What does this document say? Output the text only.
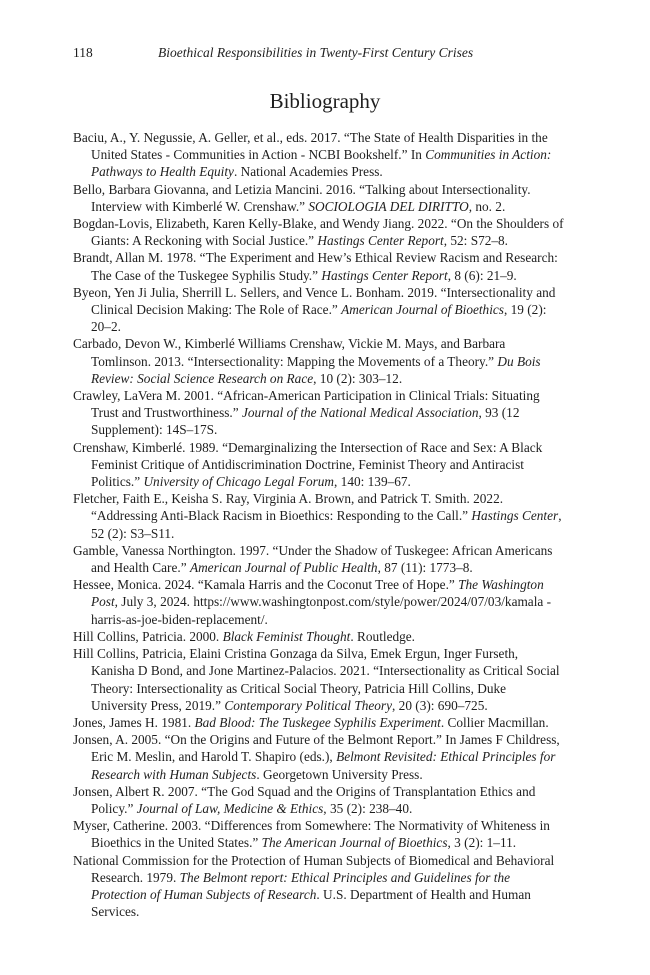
118	Bioethical Responsibilities in Twenty-First Century Crises
Bibliography
Baciu, A., Y. Negussie, A. Geller, et al., eds. 2017. “The State of Health Disparities in the United States - Communities in Action - NCBI Bookshelf.” In Communities in Action: Pathways to Health Equity. National Academies Press.
Bello, Barbara Giovanna, and Letizia Mancini. 2016. “Talking about Intersectionality. Interview with Kimberlé W. Crenshaw.” SOCIOLOGIA DEL DIRITTO, no. 2.
Bogdan-Lovis, Elizabeth, Karen Kelly-Blake, and Wendy Jiang. 2022. “On the Shoulders of Giants: A Reckoning with Social Justice.” Hastings Center Report, 52: S72–8.
Brandt, Allan M. 1978. “The Experiment and Hew’s Ethical Review Racism and Research: The Case of the Tuskegee Syphilis Study.” Hastings Center Report, 8 (6): 21–9.
Byeon, Yen Ji Julia, Sherrill L. Sellers, and Vence L. Bonham. 2019. “Intersectionality and Clinical Decision Making: The Role of Race.” American Journal of Bioethics, 19 (2): 20–2.
Carbado, Devon W., Kimberlé Williams Crenshaw, Vickie M. Mays, and Barbara Tomlinson. 2013. “Intersectionality: Mapping the Movements of a Theory.” Du Bois Review: Social Science Research on Race, 10 (2): 303–12.
Crawley, LaVera M. 2001. “African-American Participation in Clinical Trials: Situating Trust and Trustworthiness.” Journal of the National Medical Association, 93 (12 Supplement): 14S–17S.
Crenshaw, Kimberlé. 1989. “Demarginalizing the Intersection of Race and Sex: A Black Feminist Critique of Antidiscrimination Doctrine, Feminist Theory and Antiracist Politics.” University of Chicago Legal Forum, 140: 139–67.
Fletcher, Faith E., Keisha S. Ray, Virginia A. Brown, and Patrick T. Smith. 2022. “Addressing Anti-Black Racism in Bioethics: Responding to the Call.” Hastings Center, 52 (2): S3–S11.
Gamble, Vanessa Northington. 1997. “Under the Shadow of Tuskegee: African Americans and Health Care.” American Journal of Public Health, 87 (11): 1773–8.
Hessee, Monica. 2024. “Kamala Harris and the Coconut Tree of Hope.” The Washington Post, July 3, 2024. https://www.washingtonpost.com/style/power/2024/07/03/kamala -harris-as-joe-biden-replacement/.
Hill Collins, Patricia. 2000. Black Feminist Thought. Routledge.
Hill Collins, Patricia, Elaini Cristina Gonzaga da Silva, Emek Ergun, Inger Furseth, Kanisha D Bond, and Jone Martinez-Palacios. 2021. “Intersectionality as Critical Social Theory: Intersectionality as Critical Social Theory, Patricia Hill Collins, Duke University Press, 2019.” Contemporary Political Theory, 20 (3): 690–725.
Jones, James H. 1981. Bad Blood: The Tuskegee Syphilis Experiment. Collier Macmillan.
Jonsen, A. 2005. “On the Origins and Future of the Belmont Report.” In James F Childress, Eric M. Meslin, and Harold T. Shapiro (eds.), Belmont Revisited: Ethical Principles for Research with Human Subjects. Georgetown University Press.
Jonsen, Albert R. 2007. “The God Squad and the Origins of Transplantation Ethics and Policy.” Journal of Law, Medicine & Ethics, 35 (2): 238–40.
Myser, Catherine. 2003. “Differences from Somewhere: The Normativity of Whiteness in Bioethics in the United States.” The American Journal of Bioethics, 3 (2): 1–11.
National Commission for the Protection of Human Subjects of Biomedical and Behavioral Research. 1979. The Belmont report: Ethical Principles and Guidelines for the Protection of Human Subjects of Research. U.S. Department of Health and Human Services.
